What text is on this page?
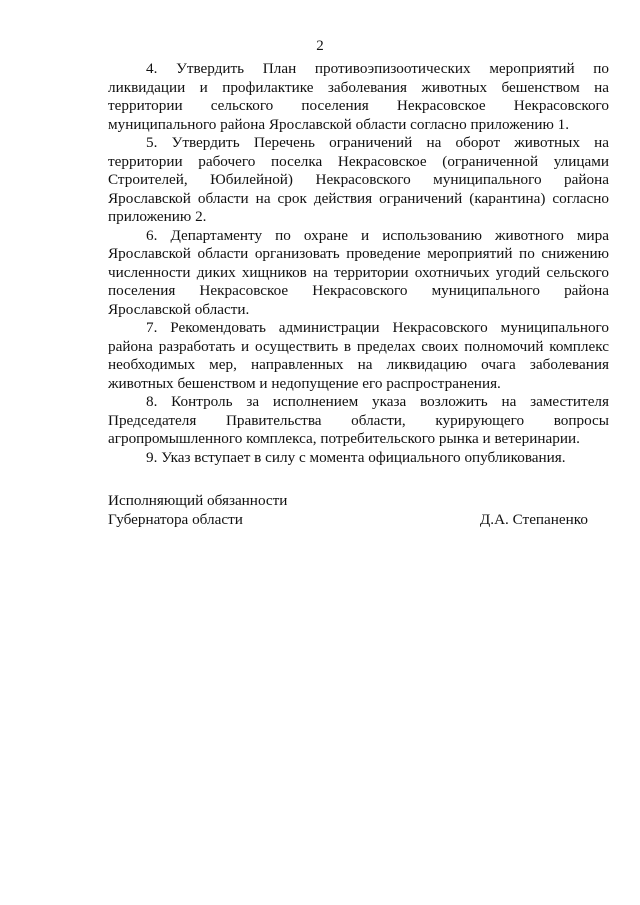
2

4. Утвердить План противоэпизоотических мероприятий по ликвидации и профилактике заболевания животных бешенством на территории сельского поселения Некрасовское Некрасовского муниципального района Ярославской области согласно приложению 1.

5. Утвердить Перечень ограничений на оборот животных на территории рабочего поселка Некрасовское (ограниченной улицами Строителей, Юбилейной) Некрасовского муниципального района Ярославской области на срок действия ограничений (карантина) согласно приложению 2.

6. Департаменту по охране и использованию животного мира Ярославской области организовать проведение мероприятий по снижению численности диких хищников на территории охотничьих угодий сельского поселения Некрасовское Некрасовского муниципального района Ярославской области.

7. Рекомендовать администрации Некрасовского муниципального района разработать и осуществить в пределах своих полномочий комплекс необходимых мер, направленных на ликвидацию очага заболевания животных бешенством и недопущение его распространения.

8. Контроль за исполнением указа возложить на заместителя Председателя Правительства области, курирующего вопросы агропромышленного комплекса, потребительского рынка и ветеринарии.

9. Указ вступает в силу с момента официального опубликования.

Исполняющий обязанности
Губернатора области	Д.А. Степаненко
